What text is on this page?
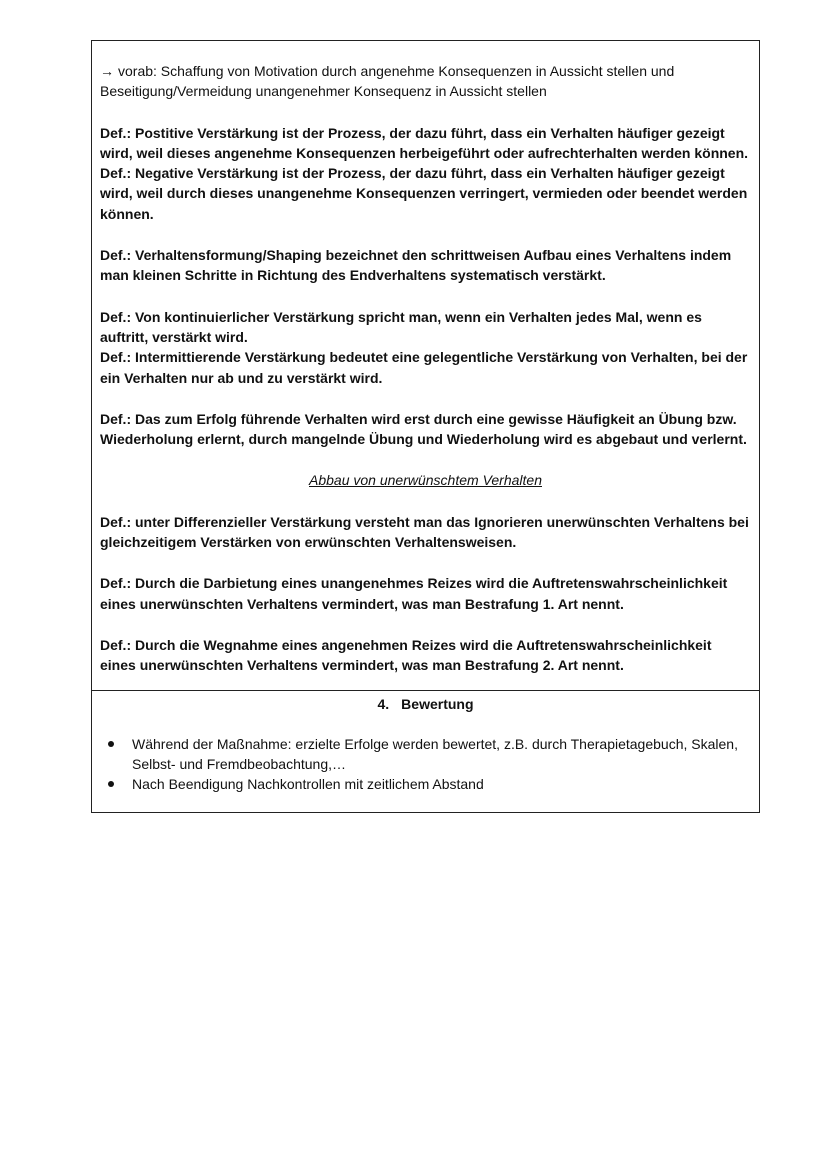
→ vorab: Schaffung von Motivation durch angenehme Konsequenzen in Aussicht stellen und Beseitigung/Vermeidung unangenehmer Konsequenz in Aussicht stellen

Def.: Postitive Verstärkung ist der Prozess, der dazu führt, dass ein Verhalten häufiger gezeigt wird, weil dieses angenehme Konsequenzen herbeigeführt oder aufrechterhalten werden können.

Def.: Negative Verstärkung ist der Prozess, der dazu führt, dass ein Verhalten häufiger gezeigt wird, weil durch dieses unangenehme Konsequenzen verringert, vermieden oder beendet werden können.

Def.: Verhaltensformung/Shaping bezeichnet den schrittweisen Aufbau eines Verhaltens indem man kleinen Schritte in Richtung des Endverhaltens systematisch verstärkt.

Def.: Von kontinuierlicher Verstärkung spricht man, wenn ein Verhalten jedes Mal, wenn es auftritt, verstärkt wird.

Def.: Intermittierende Verstärkung bedeutet eine gelegentliche Verstärkung von Verhalten, bei der ein Verhalten nur ab und zu verstärkt wird.

Def.: Das zum Erfolg führende Verhalten wird erst durch eine gewisse Häufigkeit an Übung bzw. Wiederholung erlernt, durch mangelnde Übung und Wiederholung wird es abgebaut und verlernt.

Abbau von unerwünschtem Verhalten

Def.: unter Differenzieller Verstärkung versteht man das Ignorieren unerwünschten Verhaltens bei gleichzeitigem Verstärken von erwünschten Verhaltensweisen.

Def.: Durch die Darbietung eines unangenehmes Reizes wird die Auftretenswahrscheinlichkeit eines unerwünschten Verhaltens vermindert, was man Bestrafung 1. Art nennt.

Def.: Durch die Wegnahme eines angenehmen Reizes wird die Auftretenswahrscheinlichkeit eines unerwünschten Verhaltens vermindert, was man Bestrafung 2. Art nennt.

4. Bewertung
Während der Maßnahme: erzielte Erfolge werden bewertet, z.B. durch Therapietagebuch, Skalen, Selbst- und Fremdbeobachtung,…
Nach Beendigung Nachkontrollen mit zeitlichem Abstand
